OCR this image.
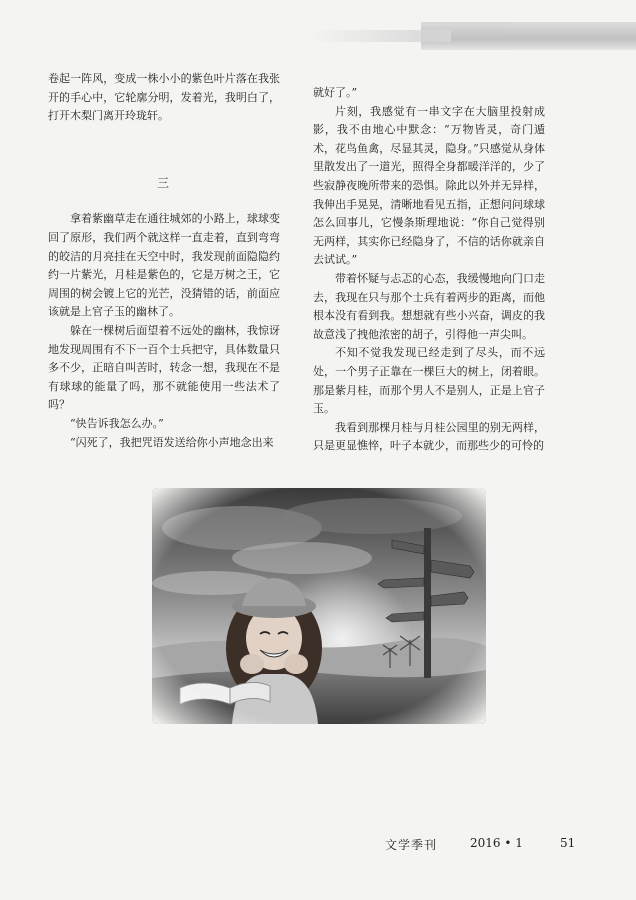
卷起一阵风，变成一株小小的紫色叶片落在我张开的手心中，它轮廓分明，发着光，我明白了，打开木梨门离开玲珑轩。

三

拿着紫幽草走在通往城郊的小路上，球球变回了原形，我们两个就这样一直走着，直到弯弯的皎洁的月亮挂在天空中时，我发现前面隐隐约约一片紫光，月桂是紫色的，它是万树之王，它周围的树会镀上它的光芒，没猜错的话，前面应该就是上官子玉的幽林了。

躲在一棵树后面望着不远处的幽林，我惊讶地发现周围有不下一百个士兵把守，具体数量只多不少，正暗自叫苦时，转念一想，我现在不是有球球的能量了吗，那不就能使用一些法术了吗？

“快告诉我怎么办。”

“闪死了，我把咒语发送给你小声地念出来

就好了。”

片刻，我感觉有一串文字在大脑里投射成影，我不由地心中默念：“万物皆灵，奇门遁术，花鸟鱼禽，尽显其灵，隐身。”只感觉从身体里散发出了一道光，照得全身都暖洋洋的，少了些寂静夜晚所带来的恐惧。除此以外并无异样，我伸出手晃晃，清晰地看见五指，正想问问球球怎么回事儿，它慢条斯理地说：“你自己觉得别无两样，其实你已经隐身了，不信的话你就亲自去试试。”

带着怀疑与忐忑的心态，我缓慢地向门口走去，我现在只与那个士兵有着两步的距离，而他根本没有看到我。想想就有些小兴奋，调皮的我故意浅了拽他浓密的胡子，引得他一声尖叫。

不知不觉我发现已经走到了尽头，而不远处，一个男子正靠在一棵巨大的树上，闭着眼。那是紫月桂，而那个男人不是别人，正是上官子玉。

我看到那棵月桂与月桂公园里的别无两样，只是更显憔悴，叶子本就少，而那些少的可怜的

文学季刊	2016 • 1	51
